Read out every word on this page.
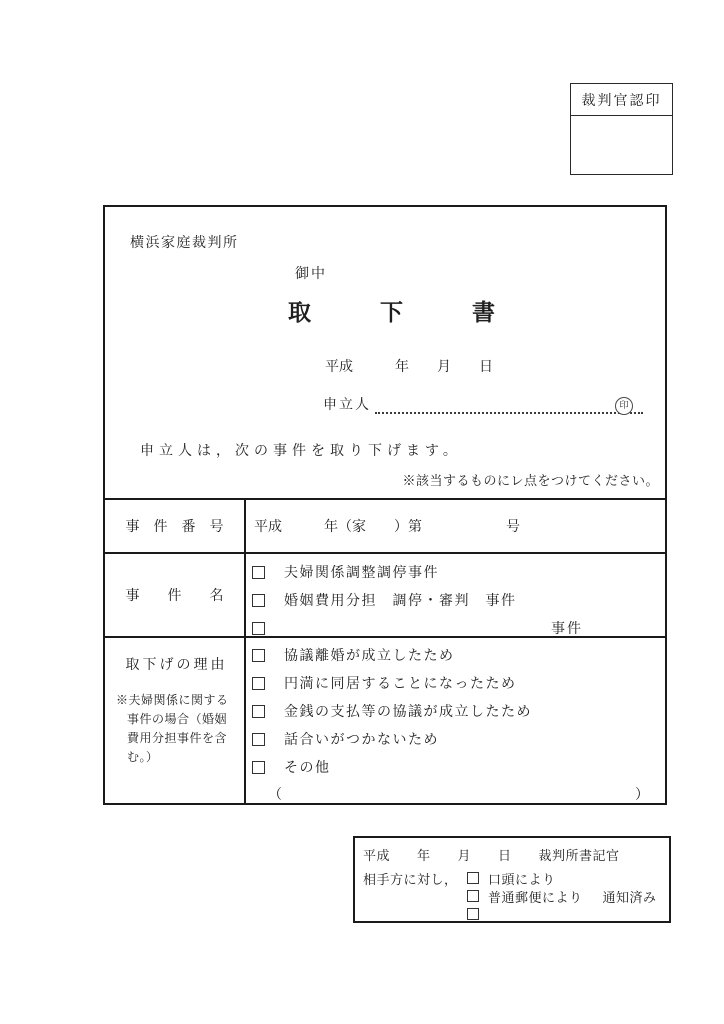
裁判官認印
横浜家庭裁判所
御中
取　　　下　　　書
平成　　　年　　月　　日
申立人	印
申立人は，次の事件を取り下げます。
※該当するものにレ点をつけてください。
事　件　番　号	平成　　　年（家　　）第　　　　　　号
事　　件　　名
夫婦関係調整調停事件
婚姻費用分担　調停・審判　事件
事件
取下げの理由
※夫婦関係に関する
事件の場合（婚姻
費用分担事件を含
む。）
協議離婚が成立したため
円満に同居することになったため
金銭の支払等の協議が成立したため
話合いがつかないため
その他
（	）
平成　　年　　月　　日　　裁判所書記官
相手方に対し，	口頭により
普通郵便により 通知済み
